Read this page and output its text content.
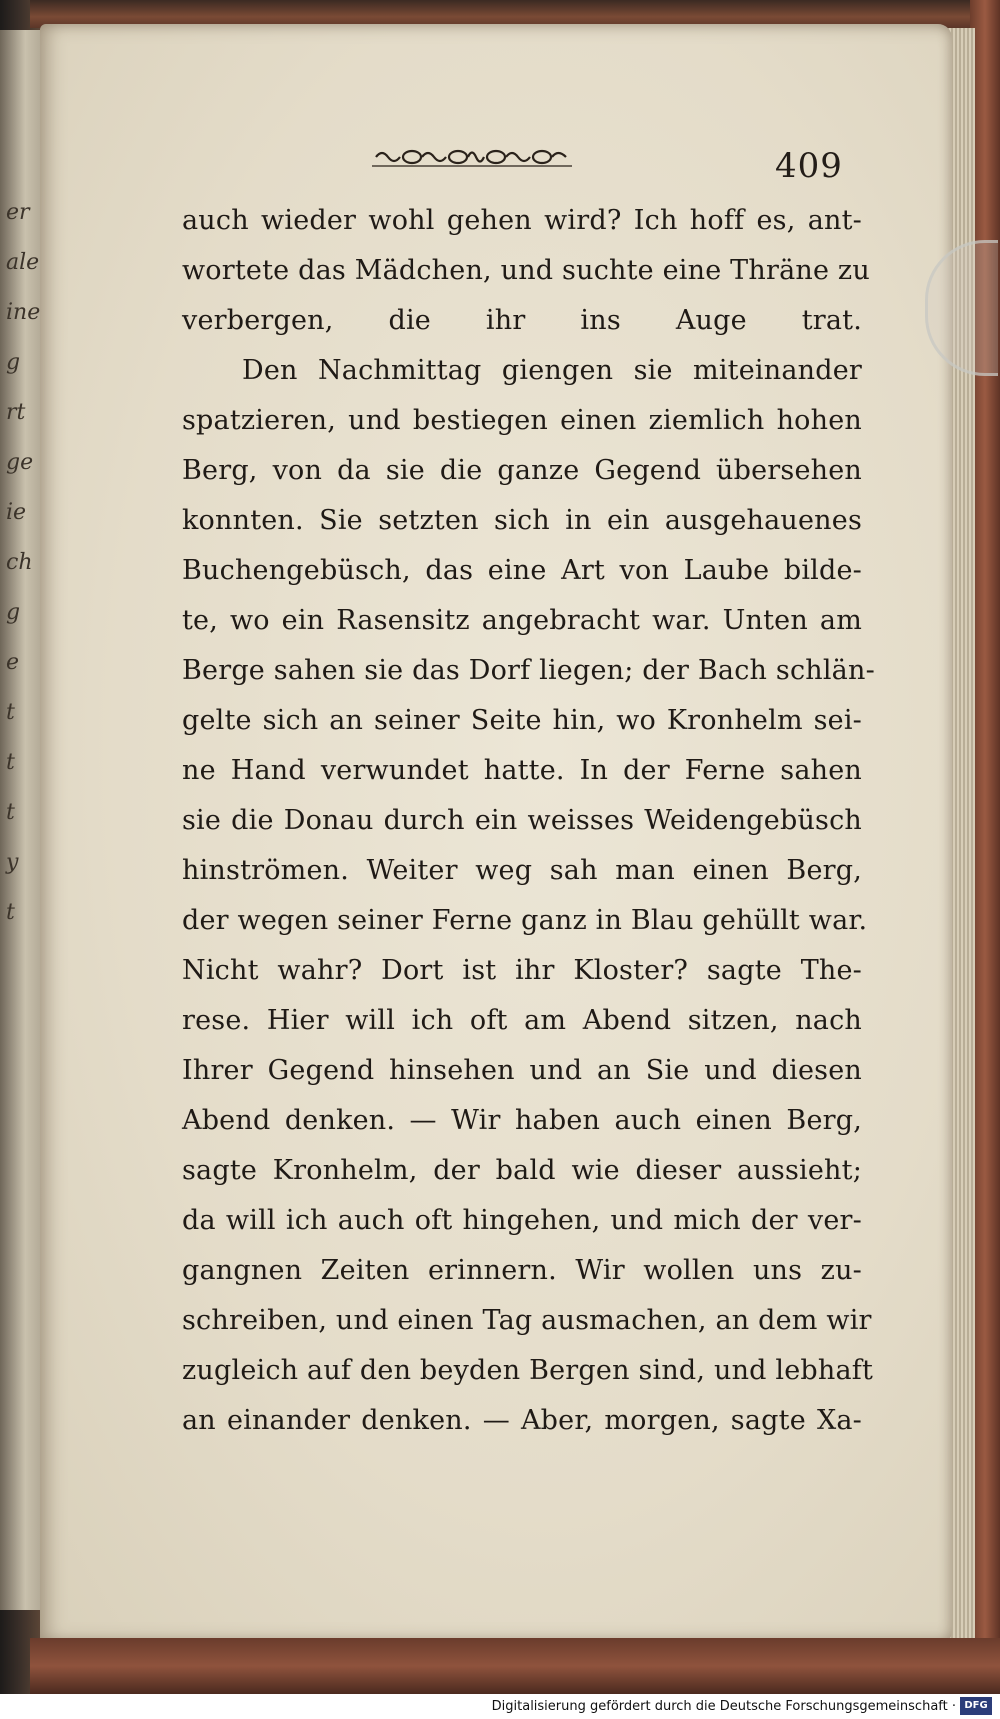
er
ale
ine
g
rt
ge
ie
ch
g
e
t
t
t
y
t
409
auch wieder wohl gehen wird? Ich hoff es, ant-
wortete das Mädchen, und suchte eine Thräne zu
verbergen, die ihr ins Auge trat.
Den Nachmittag giengen sie miteinander
spatzieren, und bestiegen einen ziemlich hohen
Berg, von da sie die ganze Gegend übersehen
konnten. Sie setzten sich in ein ausgehauenes
Buchengebüsch, das eine Art von Laube bilde-
te, wo ein Rasensitz angebracht war. Unten am
Berge sahen sie das Dorf liegen; der Bach schlän-
gelte sich an seiner Seite hin, wo Kronhelm sei-
ne Hand verwundet hatte. In der Ferne sahen
sie die Donau durch ein weisses Weidengebüsch
hinströmen. Weiter weg sah man einen Berg,
der wegen seiner Ferne ganz in Blau gehüllt war.
Nicht wahr? Dort ist ihr Kloster? sagte The-
rese. Hier will ich oft am Abend sitzen, nach
Ihrer Gegend hinsehen und an Sie und diesen
Abend denken. — Wir haben auch einen Berg,
sagte Kronhelm, der bald wie dieser aussieht;
da will ich auch oft hingehen, und mich der ver-
gangnen Zeiten erinnern. Wir wollen uns zu-
schreiben, und einen Tag ausmachen, an dem wir
zugleich auf den beyden Bergen sind, und lebhaft
an einander denken. — Aber, morgen, sagte Xa-
Digitalisierung gefördert durch die Deutsche Forschungsgemeinschaft · DFG
